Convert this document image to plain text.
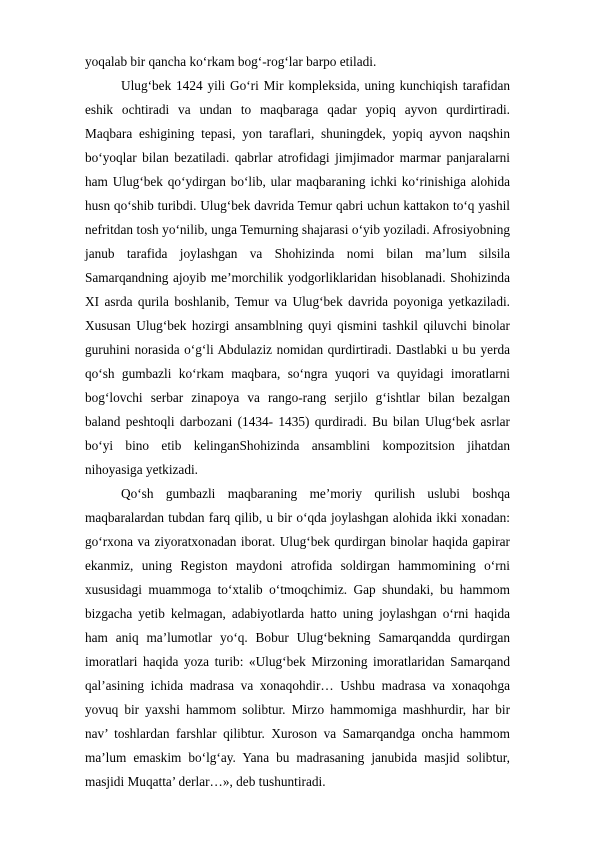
yoqalab bir qancha ko‘rkam bog‘-rog‘lar barpo etiladi.

Ulug‘bek 1424 yili Go‘ri Mir kompleksida, uning kunchiqish tarafidan eshik ochtiradi va undan to maqbaraga qadar yopiq ayvon qurdirtiradi. Maqbara eshigining tepasi, yon taraflari, shuningdek, yopiq ayvon naqshin bo‘yoqlar bilan bezatiladi. qabrlar atrofidagi jimjimador marmar panjaralarni ham Ulug‘bek qo‘ydirgan bo‘lib, ular maqbaraning ichki ko‘rinishiga alohida husn qo‘shib turibdi. Ulug‘bek davrida Temur qabri uchun kattakon to‘q yashil nefritdan tosh yo‘nilib, unga Temurning shajarasi o‘yib yoziladi. Afrosiyobning janub tarafida joylashgan va Shohizinda nomi bilan ma’lum silsila Samarqandning ajoyib me’morchilik yodgorliklaridan hisoblanadi. Shohizinda XI asrda qurila boshlanib, Temur va Ulug‘bek davrida poyoniga yetkaziladi. Xususan Ulug‘bek hozirgi ansamblning quyi qismini tashkil qiluvchi binolar guruhini norasida o‘g‘li Abdulaziz nomidan qurdirtiradi. Dastlabki u bu yerda qo‘sh gumbazli ko‘rkam maqbara, so‘ngra yuqori va quyidagi imoratlarni bog‘lovchi serbar zinapoya va rango-rang serjilo g‘ishtlar bilan bezalgan baland peshtoqli darbozani (1434- 1435) qurdiradi. Bu bilan Ulug‘bek asrlar bo‘yi bino etib kelinganShohizinda ansamblini kompozitsion jihatdan nihoyasiga yetkizadi.

Qo‘sh gumbazli maqbaraning me’moriy qurilish uslubi boshqa maqbaralardan tubdan farq qilib, u bir o‘qda joylashgan alohida ikki xonadan: go‘rxona va ziyoratxonadan iborat. Ulug‘bek qurdirgan binolar haqida gapirar ekanmiz, uning Registon maydoni atrofida soldirgan hammomining o‘rni xususidagi muammoga to‘xtalib o‘tmoqchimiz. Gap shundaki, bu hammom bizgacha yetib kelmagan, adabiyotlarda hatto uning joylashgan o‘rni haqida ham aniq ma’lumotlar yo‘q. Bobur Ulug‘bekning Samarqandda qurdirgan imoratlari haqida yoza turib: «Ulug‘bek Mirzoning imoratlaridan Samarqand qal’asining ichida madrasa va xonaqohdir… Ushbu madrasa va xonaqohga yovuq bir yaxshi hammom solibtur. Mirzo hammomiga mashhurdir, har bir nav’ toshlardan farshlar qilibtur. Xuroson va Samarqandga oncha hammom ma’lum emaskim bo‘lg‘ay. Yana bu madrasaning janubida masjid solibtur, masjidi Muqatta’ derlar…», deb tushuntiradi.
